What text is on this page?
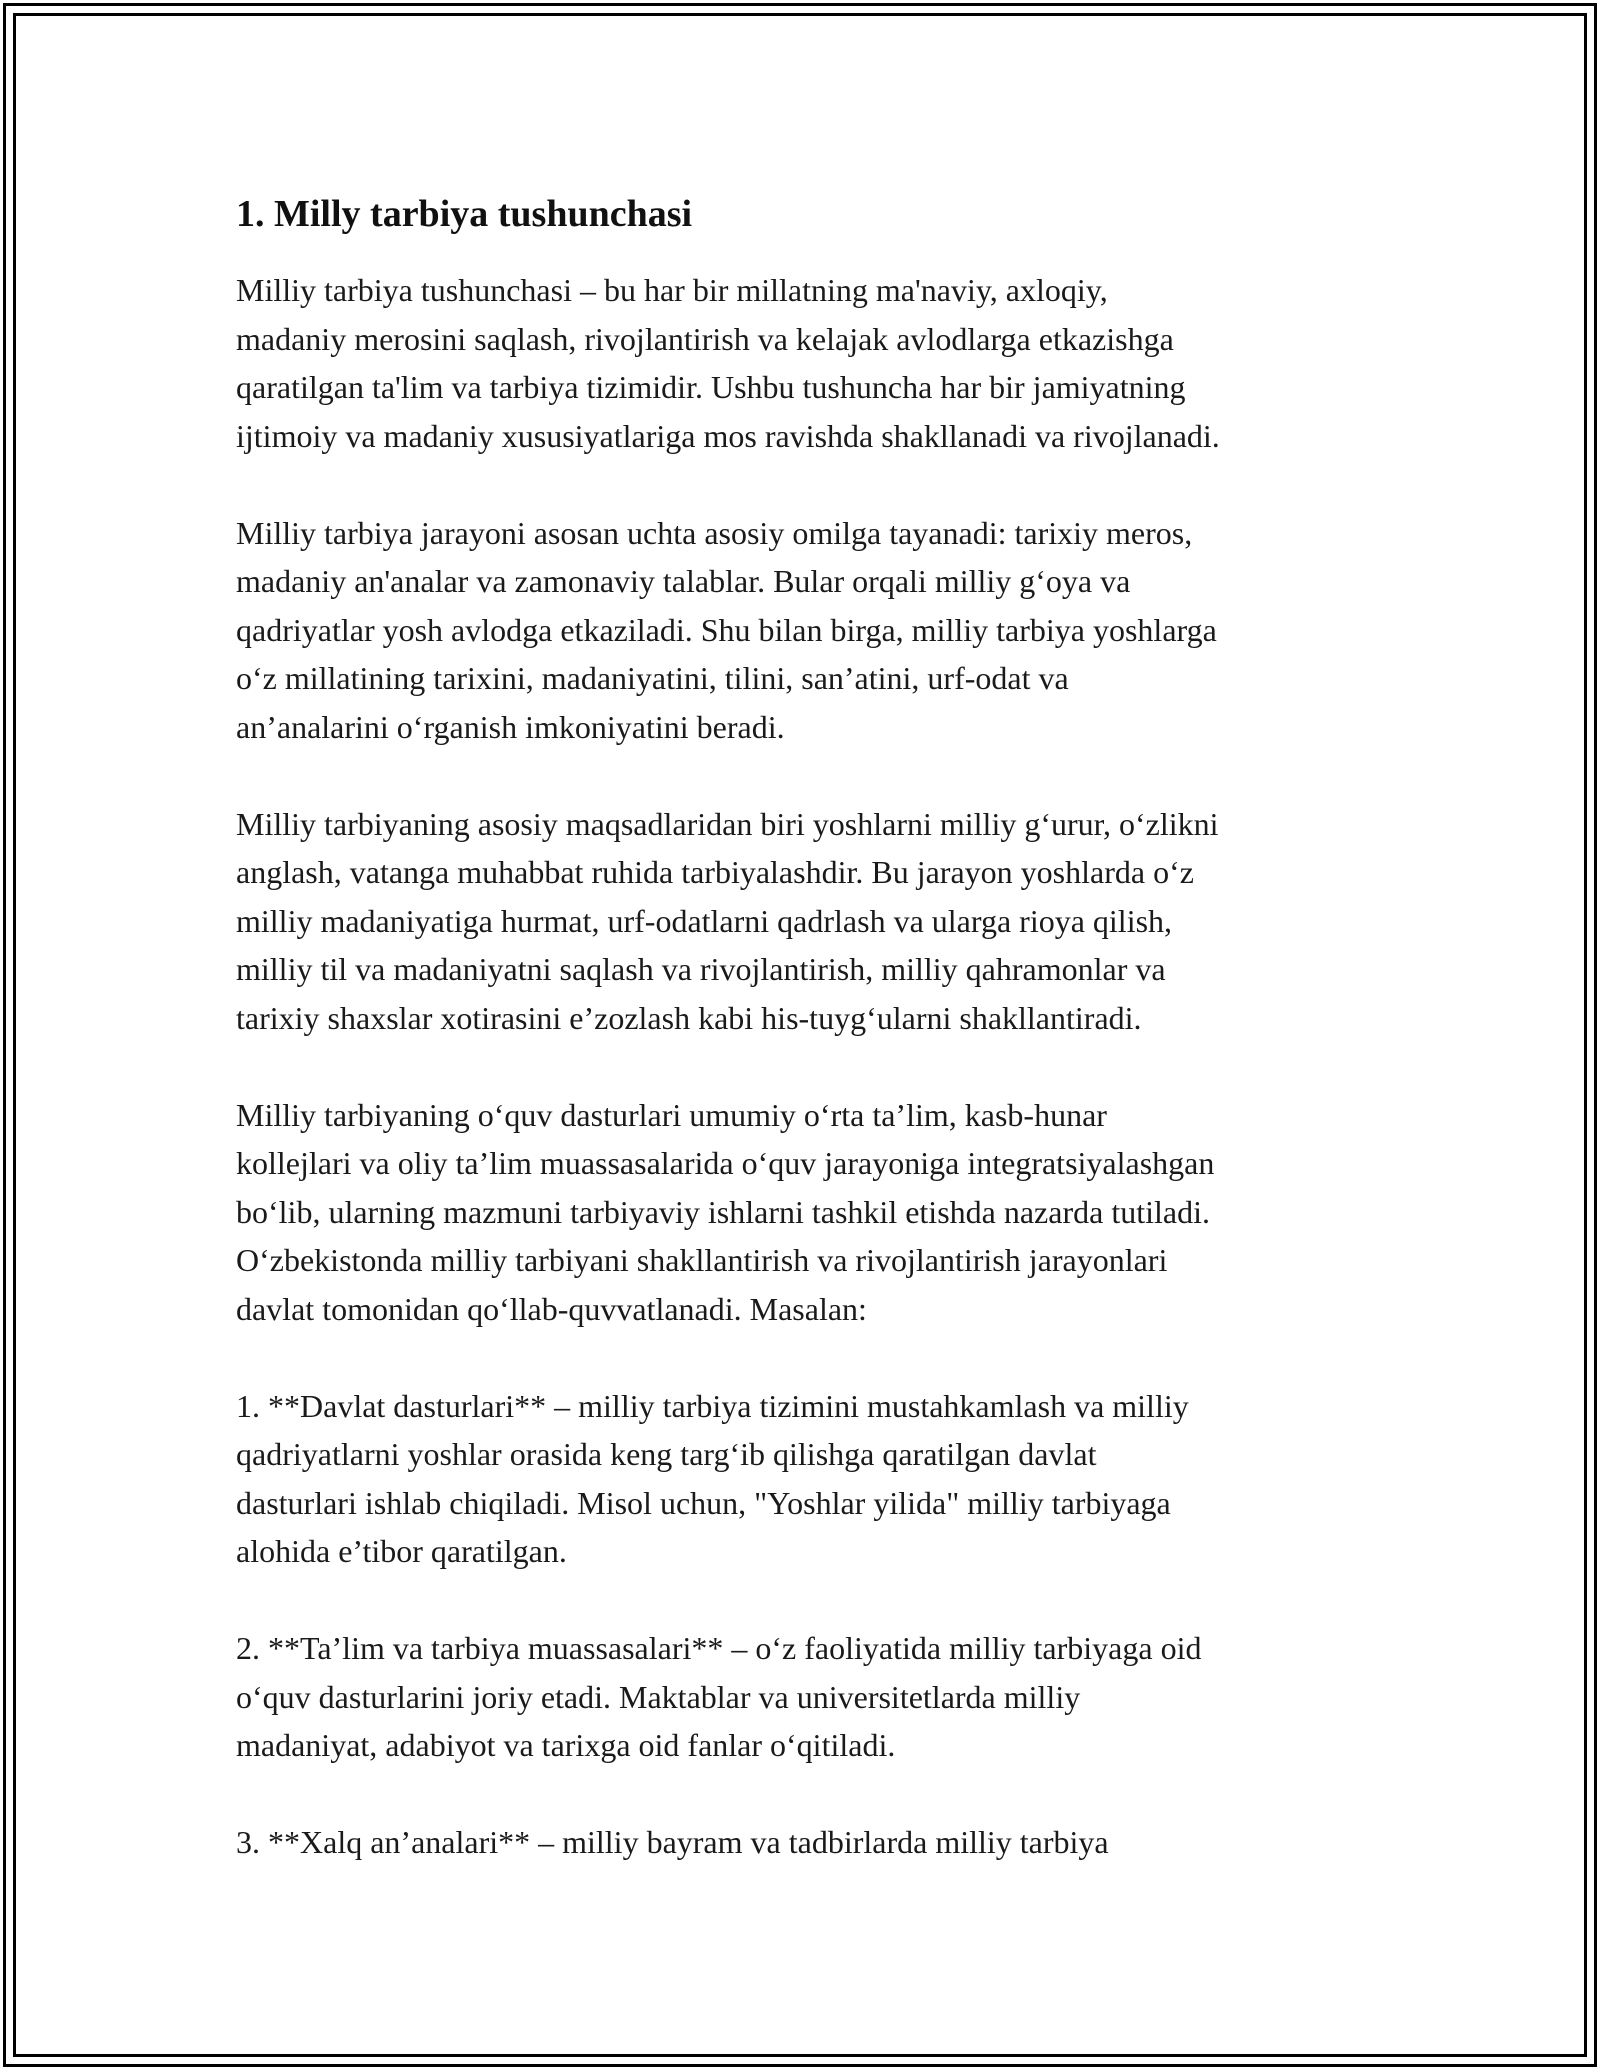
1. Milly tarbiya tushunchasi

Milliy tarbiya tushunchasi – bu har bir millatning ma'naviy, axloqiy,
madaniy merosini saqlash, rivojlantirish va kelajak avlodlarga etkazishga
qaratilgan ta'lim va tarbiya tizimidir. Ushbu tushuncha har bir jamiyatning
ijtimoiy va madaniy xususiyatlariga mos ravishda shakllanadi va rivojlanadi.

Milliy tarbiya jarayoni asosan uchta asosiy omilga tayanadi: tarixiy meros,
madaniy an'analar va zamonaviy talablar. Bular orqali milliy g‘oya va
qadriyatlar yosh avlodga etkaziladi. Shu bilan birga, milliy tarbiya yoshlarga
o‘z millatining tarixini, madaniyatini, tilini, san’atini, urf-odat va
an’analarini o‘rganish imkoniyatini beradi.

Milliy tarbiyaning asosiy maqsadlaridan biri yoshlarni milliy g‘urur, o‘zlikni
anglash, vatanga muhabbat ruhida tarbiyalashdir. Bu jarayon yoshlarda o‘z
milliy madaniyatiga hurmat, urf-odatlarni qadrlash va ularga rioya qilish,
milliy til va madaniyatni saqlash va rivojlantirish, milliy qahramonlar va
tarixiy shaxslar xotirasini e’zozlash kabi his-tuyg‘ularni shakllantiradi.

Milliy tarbiyaning o‘quv dasturlari umumiy o‘rta ta’lim, kasb-hunar
kollejlari va oliy ta’lim muassasalarida o‘quv jarayoniga integratsiyalashgan
bo‘lib, ularning mazmuni tarbiyaviy ishlarni tashkil etishda nazarda tutiladi.
O‘zbekistonda milliy tarbiyani shakllantirish va rivojlantirish jarayonlari
davlat tomonidan qo‘llab-quvvatlanadi. Masalan:

1. **Davlat dasturlari** – milliy tarbiya tizimini mustahkamlash va milliy
qadriyatlarni yoshlar orasida keng targ‘ib qilishga qaratilgan davlat
dasturlari ishlab chiqiladi. Misol uchun, "Yoshlar yilida" milliy tarbiyaga
alohida e’tibor qaratilgan.

2. **Ta’lim va tarbiya muassasalari** – o‘z faoliyatida milliy tarbiyaga oid
o‘quv dasturlarini joriy etadi. Maktablar va universitetlarda milliy
madaniyat, adabiyot va tarixga oid fanlar o‘qitiladi.

3. **Xalq an’analari** – milliy bayram va tadbirlarda milliy tarbiya
